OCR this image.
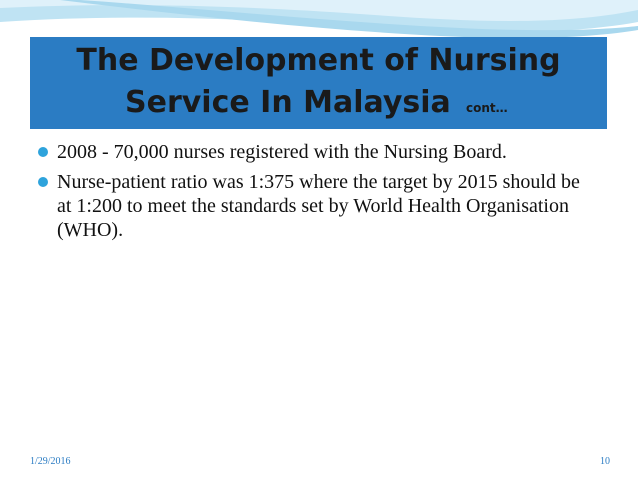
The Development of Nursing
Service In Malaysia cont…
2008 - 70,000 nurses registered with the Nursing Board.
Nurse-patient ratio was 1:375 where the target by 2015 should be at 1:200 to meet the standards set by World Health Organisation (WHO).
1/29/2016	10
